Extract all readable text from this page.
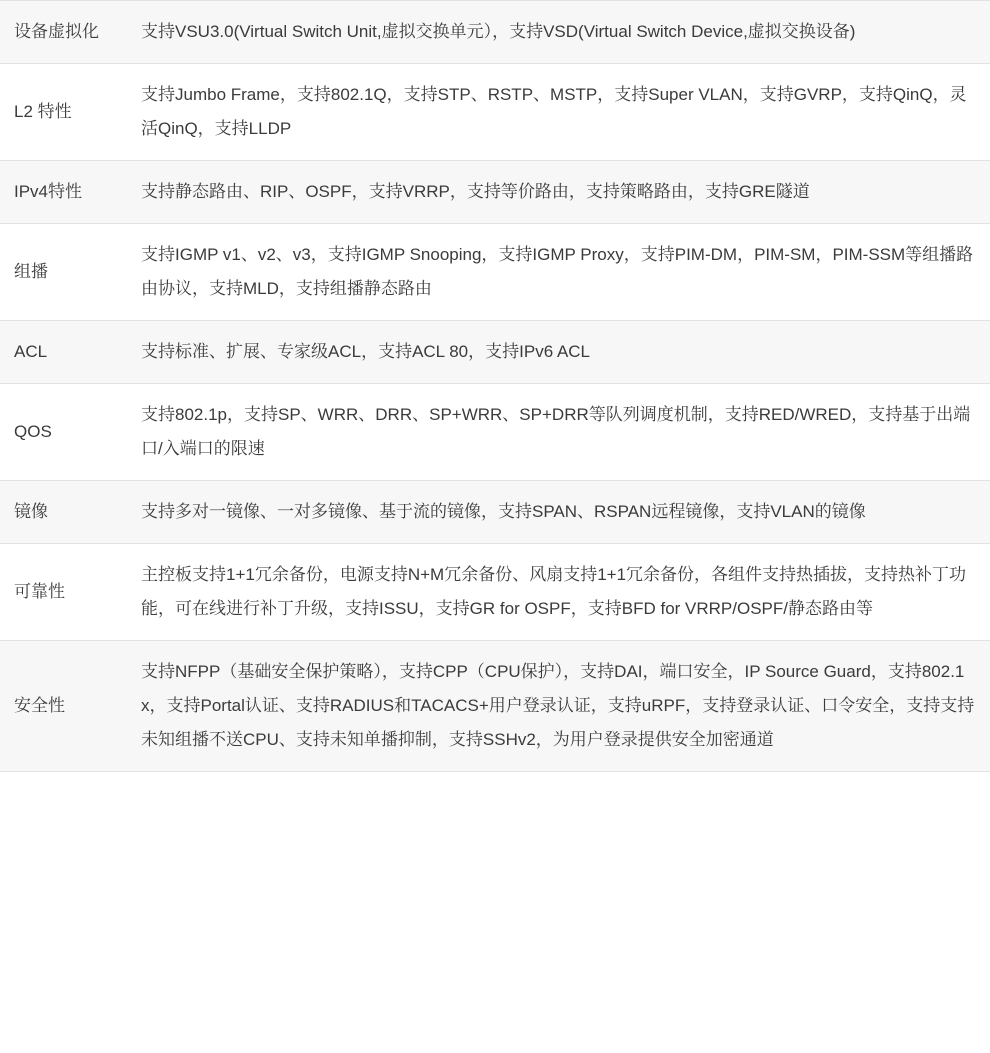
设备虚拟化	支持VSU3.0(Virtual Switch Unit,虚拟交换单元），支持VSD(Virtual Switch Device,虚拟交换设备)
L2 特性	支持Jumbo Frame，支持802.1Q，支持STP、RSTP、MSTP，支持Super VLAN，支持GVRP，支持QinQ，灵活QinQ，支持LLDP
IPv4特性	支持静态路由、RIP、OSPF，支持VRRP，支持等价路由，支持策略路由，支持GRE隧道
组播	支持IGMP v1、v2、v3，支持IGMP Snooping，支持IGMP Proxy，支持PIM-DM，PIM-SM，PIM-SSM等组播路由协议，支持MLD，支持组播静态路由
ACL	支持标准、扩展、专家级ACL，支持ACL 80，支持IPv6 ACL
QOS	支持802.1p，支持SP、WRR、DRR、SP+WRR、SP+DRR等队列调度机制，支持RED/WRED，支持基于出端口/入端口的限速
镜像	支持多对一镜像、一对多镜像、基于流的镜像，支持SPAN、RSPAN远程镜像，支持VLAN的镜像
可靠性	主控板支持1+1冗余备份，电源支持N+M冗余备份、风扇支持1+1冗余备份，各组件支持热插拔，支持热补丁功能，可在线进行补丁升级，支持ISSU，支持GR for OSPF，支持BFD for VRRP/OSPF/静态路由等
安全性	支持NFPP（基础安全保护策略），支持CPP（CPU保护），支持DAI，端口安全，IP Source Guard，支持802.1x，支持Portal认证、支持RADIUS和TACACS+用户登录认证，支持uRPF，支持登录认证、口令安全，支持支持未知组播不送CPU、支持未知单播抑制，支持SSHv2，为用户登录提供安全加密通道
